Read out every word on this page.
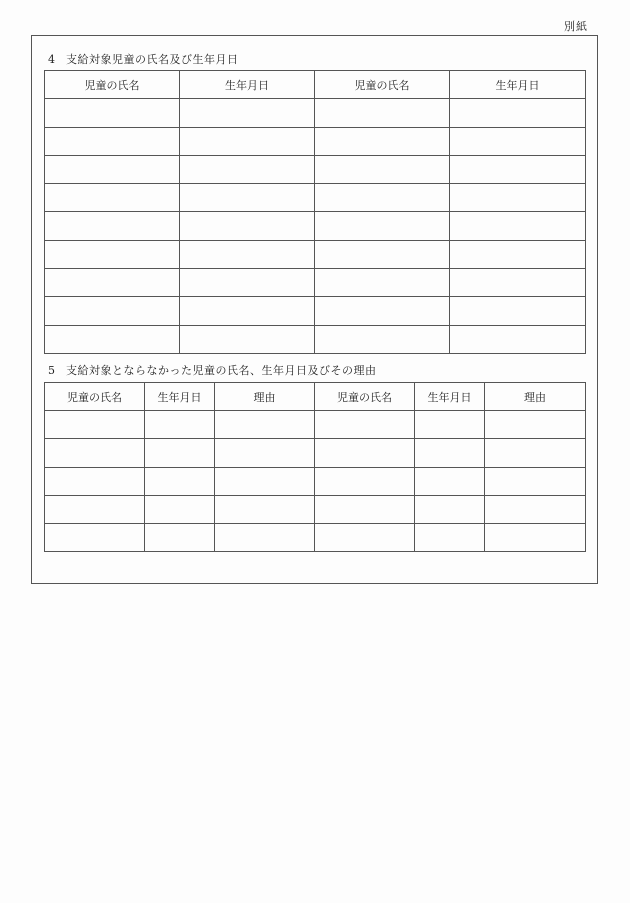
別紙
4 支給対象児童の氏名及び生年月日
児童の氏名	生年月日	児童の氏名	生年月日

5 支給対象とならなかった児童の氏名、生年月日及びその理由
児童の氏名	生年月日	理由	児童の氏名	生年月日	理由
